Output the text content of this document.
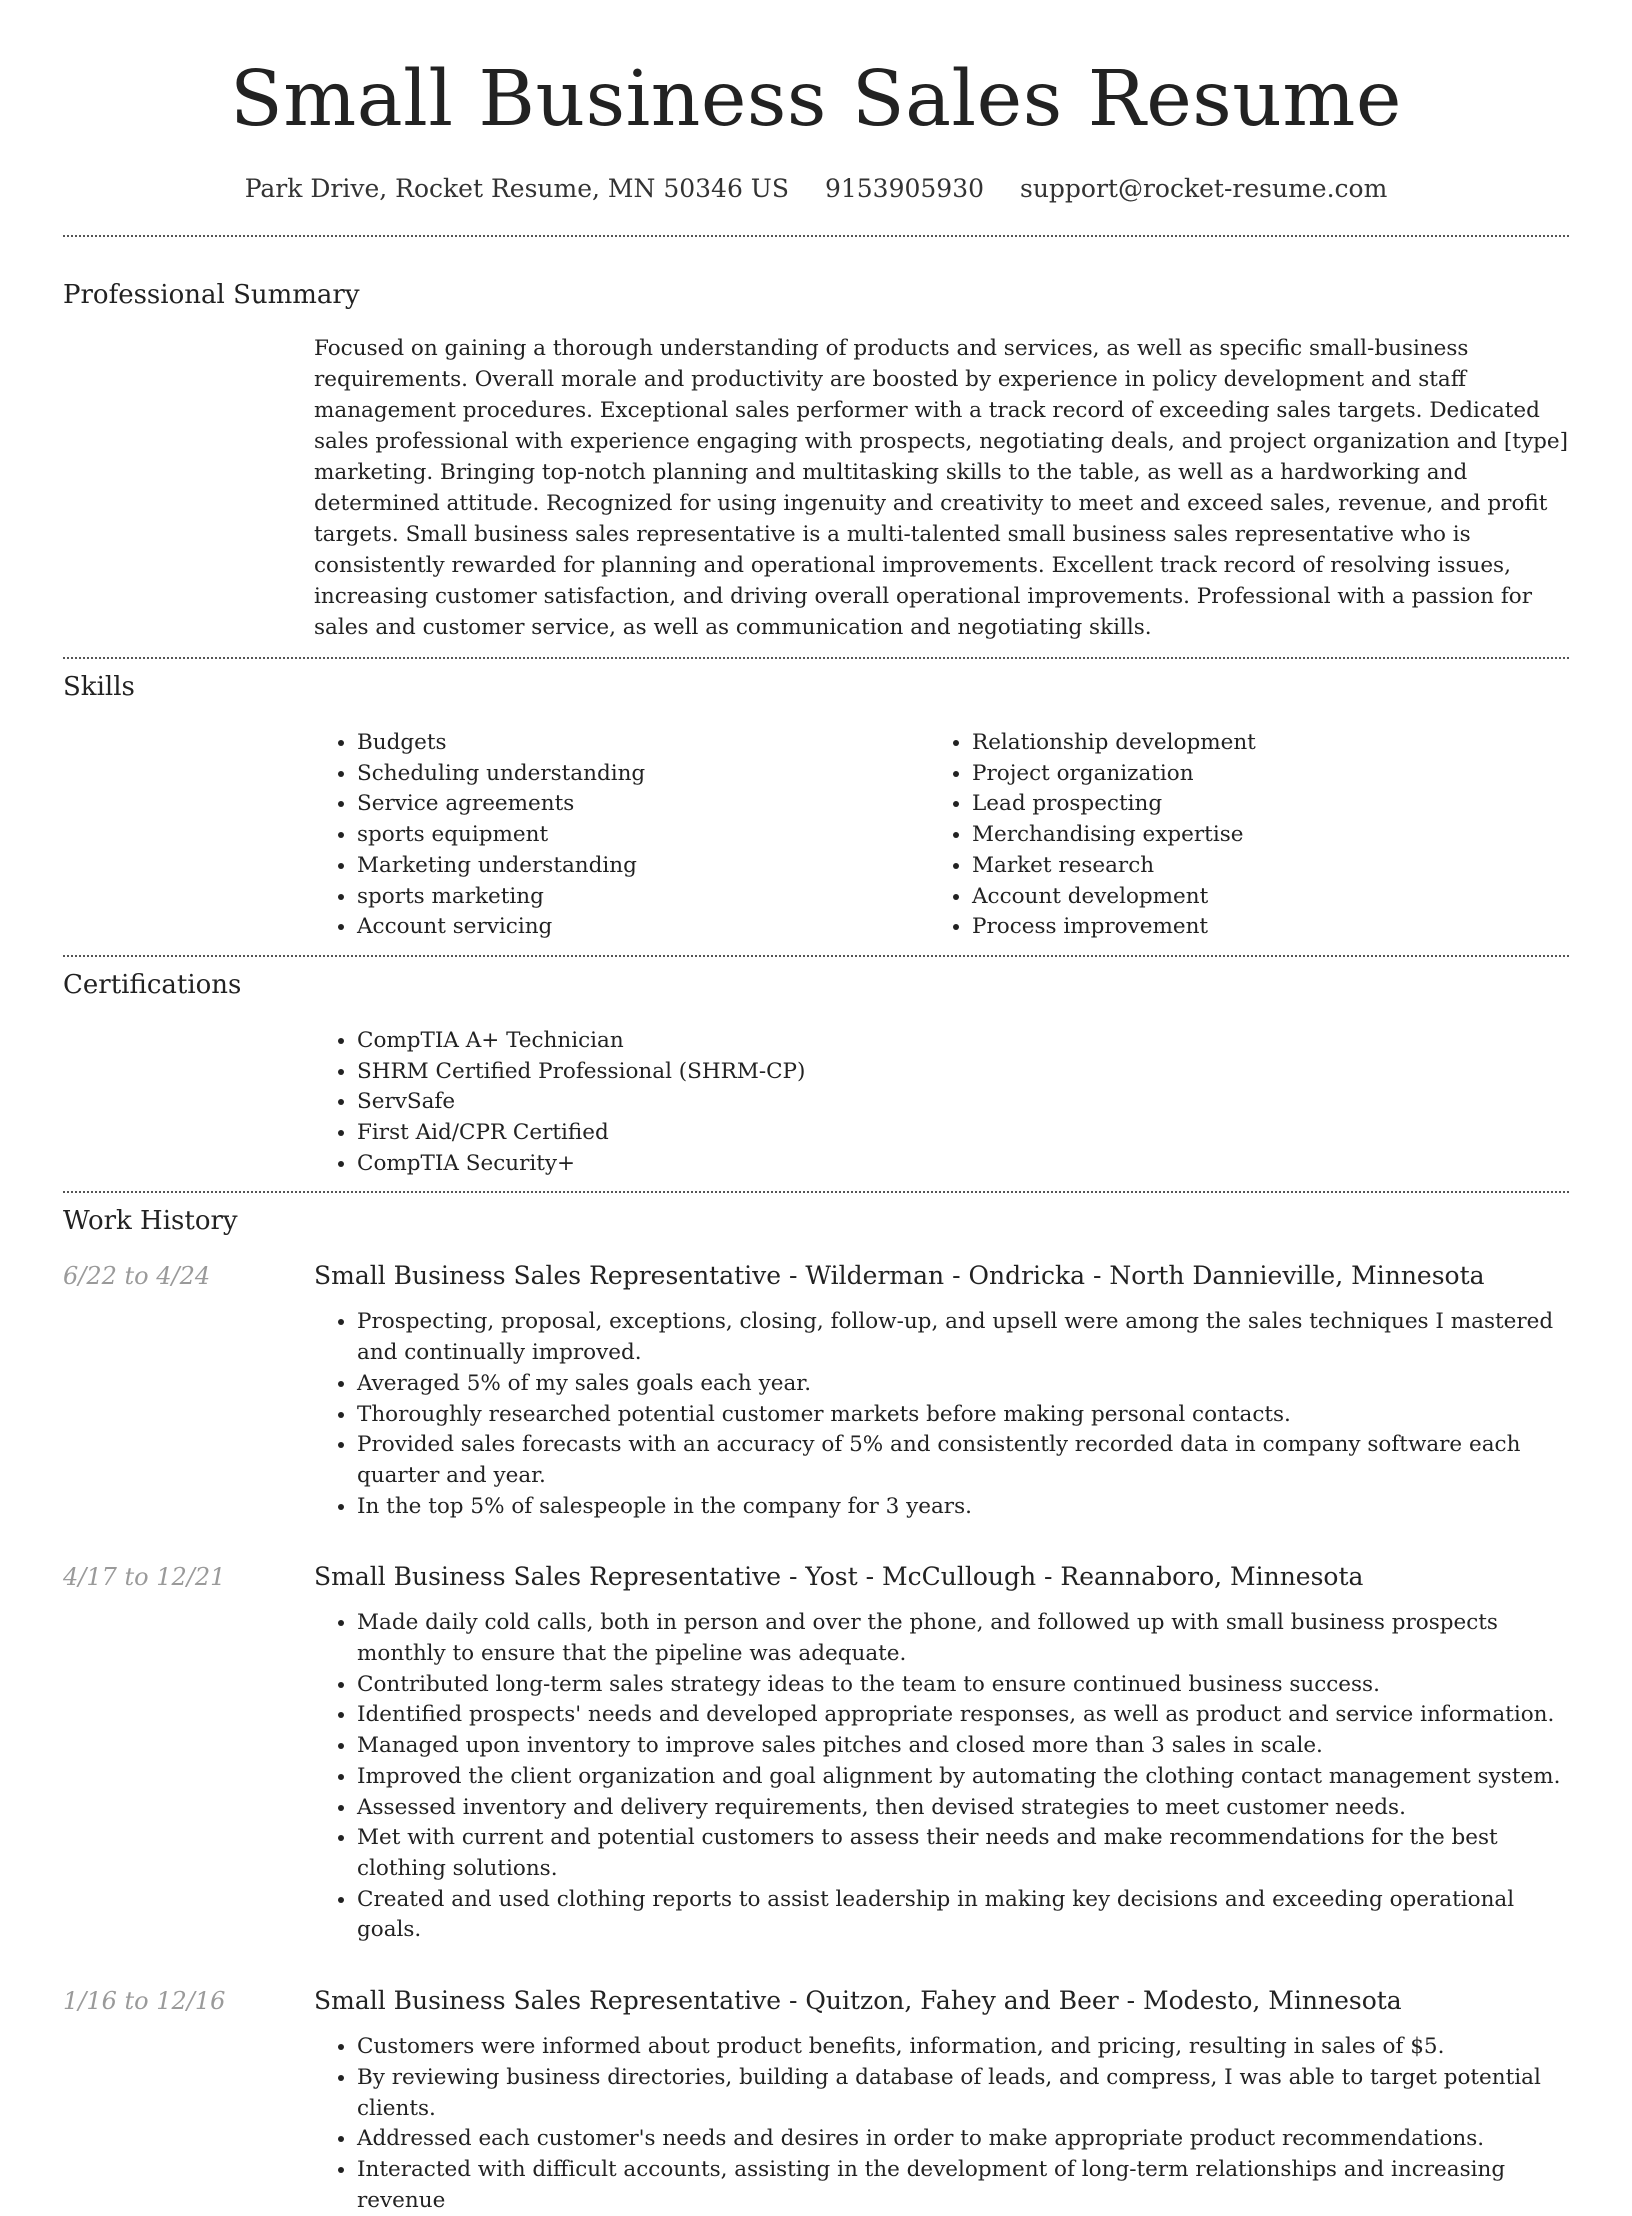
Small Business Sales Resume
Park Drive, Rocket Resume, MN 50346 US 9153905930 support@rocket-resume.com
Professional Summary

Focused on gaining a thorough understanding of products and services, as well as specific small-business requirements. Overall morale and productivity are boosted by experience in policy development and staff management procedures. Exceptional sales performer with a track record of exceeding sales targets. Dedicated sales professional with experience engaging with prospects, negotiating deals, and project organization and [type] marketing. Bringing top-notch planning and multitasking skills to the table, as well as a hardworking and determined attitude. Recognized for using ingenuity and creativity to meet and exceed sales, revenue, and profit targets. Small business sales representative is a multi-talented small business sales representative who is consistently rewarded for planning and operational improvements. Excellent track record of resolving issues, increasing customer satisfaction, and driving overall operational improvements. Professional with a passion for sales and customer service, as well as communication and negotiating skills.

Skills
• Budgets
• Scheduling understanding
• Service agreements
• sports equipment
• Marketing understanding
• sports marketing
• Account servicing
• Relationship development
• Project organization
• Lead prospecting
• Merchandising expertise
• Market research
• Account development
• Process improvement
Certifications
• CompTIA A+ Technician
• SHRM Certified Professional (SHRM-CP)
• ServSafe
• First Aid/CPR Certified
• CompTIA Security+
Work History
6/22 to 4/24	Small Business Sales Representative - Wilderman - Ondricka - North Dannieville, Minnesota
• Prospecting, proposal, exceptions, closing, follow-up, and upsell were among the sales techniques I mastered and continually improved.
• Averaged 5% of my sales goals each year.
• Thoroughly researched potential customer markets before making personal contacts.
• Provided sales forecasts with an accuracy of 5% and consistently recorded data in company software each quarter and year.
• In the top 5% of salespeople in the company for 3 years.
4/17 to 12/21	Small Business Sales Representative - Yost - McCullough - Reannaboro, Minnesota
• Made daily cold calls, both in person and over the phone, and followed up with small business prospects monthly to ensure that the pipeline was adequate.
• Contributed long-term sales strategy ideas to the team to ensure continued business success.
• Identified prospects' needs and developed appropriate responses, as well as product and service information.
• Managed upon inventory to improve sales pitches and closed more than 3 sales in scale.
• Improved the client organization and goal alignment by automating the clothing contact management system.
• Assessed inventory and delivery requirements, then devised strategies to meet customer needs.
• Met with current and potential customers to assess their needs and make recommendations for the best clothing solutions.
• Created and used clothing reports to assist leadership in making key decisions and exceeding operational goals.
1/16 to 12/16	Small Business Sales Representative - Quitzon, Fahey and Beer - Modesto, Minnesota
• Customers were informed about product benefits, information, and pricing, resulting in sales of $5.
• By reviewing business directories, building a database of leads, and compress, I was able to target potential clients.
• Addressed each customer's needs and desires in order to make appropriate product recommendations.
• Interacted with difficult accounts, assisting in the development of long-term relationships and increasing revenue
